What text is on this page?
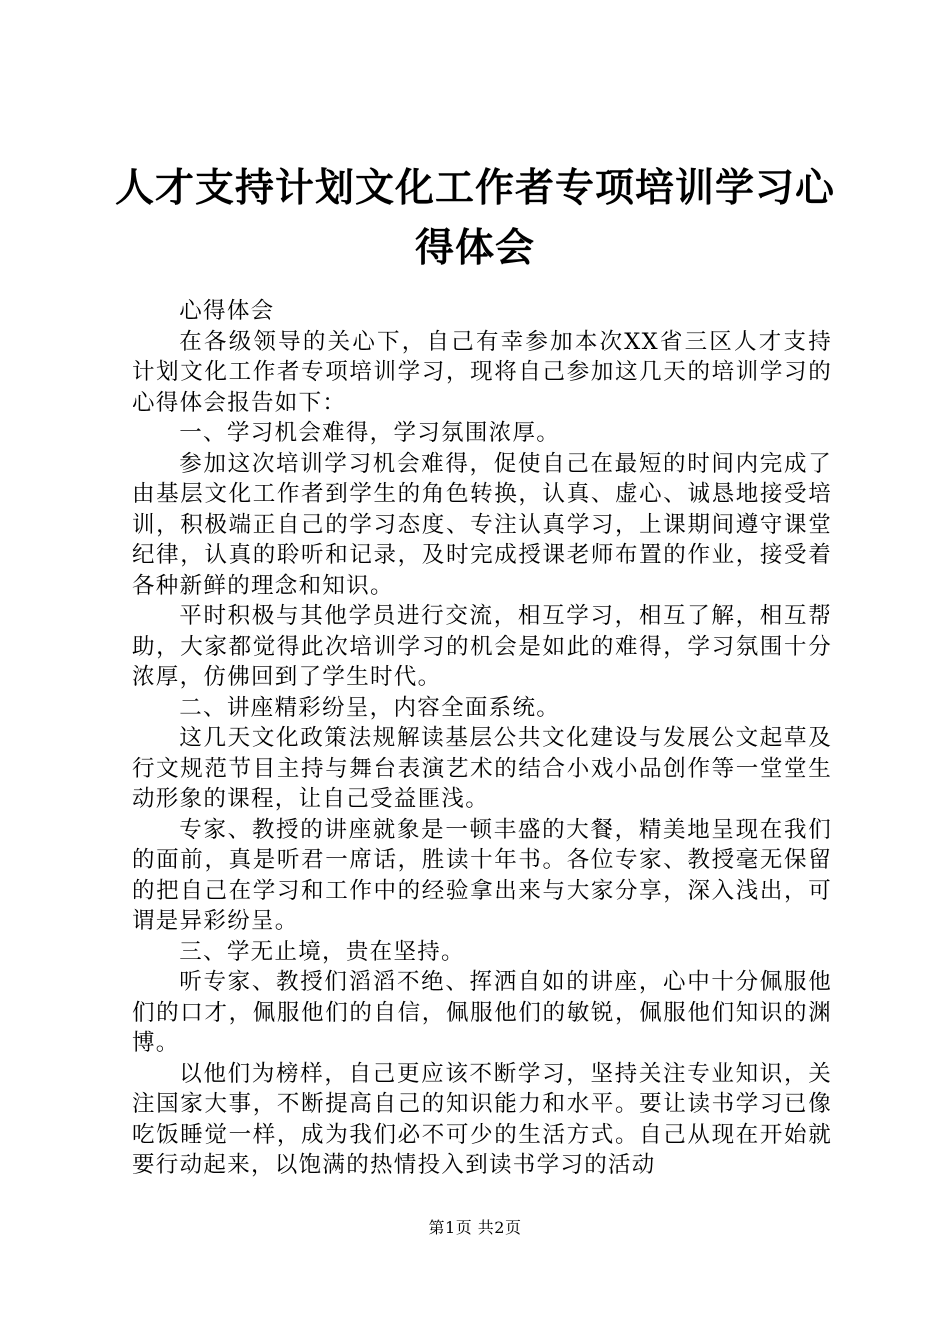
人才支持计划文化工作者专项培训学习心得体会

心得体会

在各级领导的关心下，自己有幸参加本次XX省三区人才支持计划文化工作者专项培训学习，现将自己参加这几天的培训学习的心得体会报告如下：

一、学习机会难得，学习氛围浓厚。

参加这次培训学习机会难得，促使自己在最短的时间内完成了由基层文化工作者到学生的角色转换，认真、虚心、诚恳地接受培训，积极端正自己的学习态度、专注认真学习，上课期间遵守课堂纪律，认真的聆听和记录，及时完成授课老师布置的作业，接受着各种新鲜的理念和知识。

平时积极与其他学员进行交流，相互学习，相互了解，相互帮助，大家都觉得此次培训学习的机会是如此的难得，学习氛围十分浓厚，仿佛回到了学生时代。

二、讲座精彩纷呈，内容全面系统。

这几天文化政策法规解读基层公共文化建设与发展公文起草及行文规范节目主持与舞台表演艺术的结合小戏小品创作等一堂堂生动形象的课程，让自己受益匪浅。

专家、教授的讲座就象是一顿丰盛的大餐，精美地呈现在我们的面前，真是听君一席话，胜读十年书。各位专家、教授毫无保留的把自己在学习和工作中的经验拿出来与大家分享，深入浅出，可谓是异彩纷呈。

三、学无止境，贵在坚持。

听专家、教授们滔滔不绝、挥洒自如的讲座，心中十分佩服他们的口才，佩服他们的自信，佩服他们的敏锐，佩服他们知识的渊博。

以他们为榜样，自己更应该不断学习，坚持关注专业知识，关注国家大事，不断提高自己的知识能力和水平。要让读书学习已像吃饭睡觉一样，成为我们必不可少的生活方式。自己从现在开始就要行动起来，以饱满的热情投入到读书学习的活动

第1页 共2页
